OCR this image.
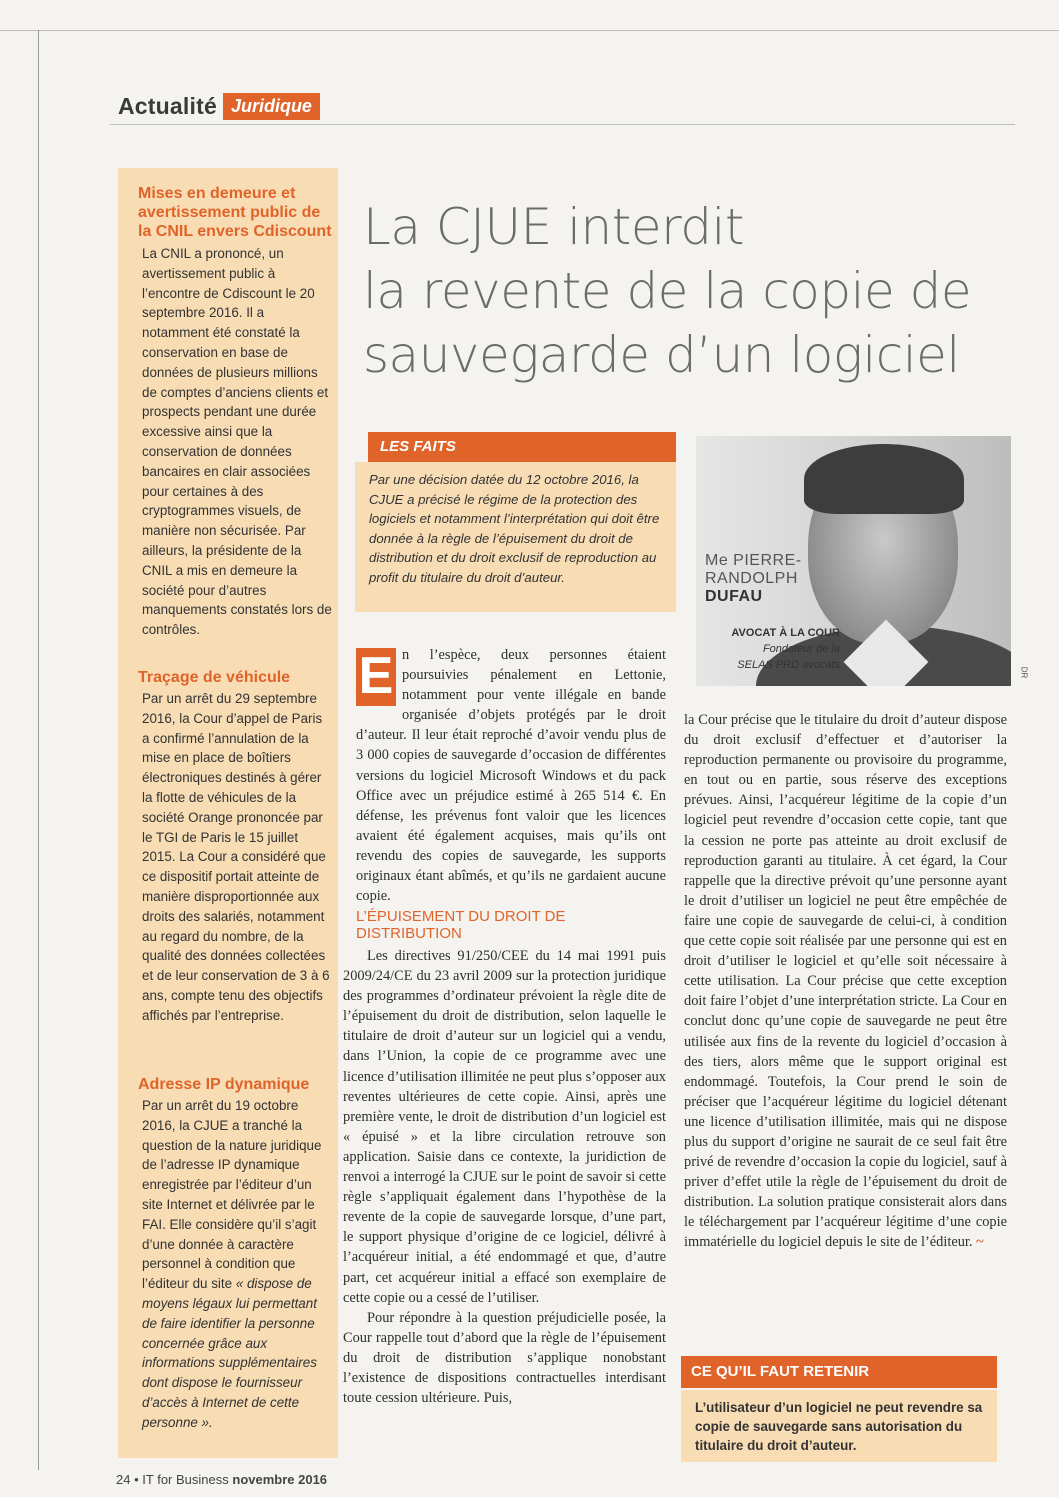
Actualité Juridique

Mises en demeure et avertissement public de la CNIL envers Cdiscount

La CNIL a prononcé, un avertissement public à l’encontre de Cdiscount le 20 septembre 2016. Il a notamment été constaté la conservation en base de données de plusieurs millions de comptes d’anciens clients et prospects pendant une durée excessive ainsi que la conservation de données bancaires en clair associées pour certaines à des cryptogrammes visuels, de manière non sécurisée. Par ailleurs, la présidente de la CNIL a mis en demeure la société pour d’autres manquements constatés lors de contrôles.

Traçage de véhicule

Par un arrêt du 29 septembre 2016, la Cour d’appel de Paris a confirmé l’annulation de la mise en place de boîtiers électroniques destinés à gérer la flotte de véhicules de la société Orange prononcée par le TGI de Paris le 15 juillet 2015. La Cour a considéré que ce dispositif portait atteinte de manière disproportionnée aux droits des salariés, notamment au regard du nombre, de la qualité des données collectées et de leur conservation de 3 à 6 ans, compte tenu des objectifs affichés par l’entreprise.

Adresse IP dynamique

Par un arrêt du 19 octobre 2016, la CJUE a tranché la question de la nature juridique de l’adresse IP dynamique enregistrée par l’éditeur d’un site Internet et délivrée par le FAI. Elle considère qu’il s’agit d’une donnée à caractère personnel à condition que l’éditeur du site « dispose de moyens légaux lui permettant de faire identifier la personne concernée grâce aux informations supplémentaires dont dispose le fournisseur d’accès à Internet de cette personne ».

24 • IT for Business novembre 2016
La CJUE interdit
la revente de la copie de
sauvegarde d’un logiciel
LES FAITS
Par une décision datée du 12 octobre 2016, la CJUE a précisé le régime de la protection des logiciels et notamment l’interprétation qui doit être donnée à la règle de l’épuisement du droit de distribution et du droit exclusif de reproduction au profit du titulaire du droit d’auteur.
Me PIERRE-
RANDOLPH
DUFAU
AVOCAT À LA COUR
Fondateur de la
SELAS PRD avocats
DR
E n l’espèce, deux personnes étaient poursuivies pénalement en Lettonie, notamment pour vente illégale en bande organisée d’objets protégés par le droit d’auteur. Il leur était reproché d’avoir vendu plus de 3 000 copies de sauvegarde d’occasion de différentes versions du logiciel Microsoft Windows et du pack Office avec un préjudice estimé à 265 514 €. En défense, les prévenus font valoir que les licences avaient été également acquises, mais qu’ils ont revendu des copies de sauvegarde, les supports originaux étant abîmés, et qu’ils ne gardaient aucune copie.

L’ÉPUISEMENT DU DROIT DE DISTRIBUTION

Les directives 91/250/CEE du 14 mai 1991 puis 2009/24/CE du 23 avril 2009 sur la protection juridique des programmes d’ordinateur prévoient la règle dite de l’épuisement du droit de distribution, selon laquelle le titulaire de droit d’auteur sur un logiciel qui a vendu, dans l’Union, la copie de ce programme avec une licence d’utilisation illimitée ne peut plus s’opposer aux reventes ultérieures de cette copie. Ainsi, après une première vente, le droit de distribution d’un logiciel est « épuisé » et la libre circulation retrouve son application. Saisie dans ce contexte, la juridiction de renvoi a interrogé la CJUE sur le point de savoir si cette règle s’appliquait également dans l’hypothèse de la revente de la copie de sauvegarde lorsque, d’une part, le support physique d’origine de ce logiciel, délivré à l’acquéreur initial, a été endommagé et que, d’autre part, cet acquéreur initial a effacé son exemplaire de cette copie ou a cessé de l’utiliser.

Pour répondre à la question préjudicielle posée, la Cour rappelle tout d’abord que la règle de l’épuisement du droit de distribution s’applique nonobstant l’existence de dispositions contractuelles interdisant toute cession ultérieure. Puis,

la Cour précise que le titulaire du droit d’auteur dispose du droit exclusif d’effectuer et d’autoriser la reproduction permanente ou provisoire du programme, en tout ou en partie, sous réserve des exceptions prévues. Ainsi, l’acquéreur légitime de la copie d’un logiciel peut revendre d’occasion cette copie, tant que la cession ne porte pas atteinte au droit exclusif de reproduction garanti au titulaire. À cet égard, la Cour rappelle que la directive prévoit qu’une personne ayant le droit d’utiliser un logiciel ne peut être empêchée de faire une copie de sauvegarde de celui-ci, à condition que cette copie soit réalisée par une personne qui est en droit d’utiliser le logiciel et qu’elle soit nécessaire à cette utilisation. La Cour précise que cette exception doit faire l’objet d’une interprétation stricte. La Cour en conclut donc qu’une copie de sauvegarde ne peut être utilisée aux fins de la revente du logiciel d’occasion à des tiers, alors même que le support original est endommagé. Toutefois, la Cour prend le soin de préciser que l’acquéreur légitime du logiciel détenant une licence d’utilisation illimitée, mais qui ne dispose plus du support d’origine ne saurait de ce seul fait être privé de revendre d’occasion la copie du logiciel, sauf à priver d’effet utile la règle de l’épuisement du droit de distribution. La solution pratique consisterait alors dans le téléchargement par l’acquéreur légitime d’une copie immatérielle du logiciel depuis le site de l’éditeur. ~

CE QU’IL FAUT RETENIR
L’utilisateur d’un logiciel ne peut revendre sa copie de sauvegarde sans autorisation du titulaire du droit d’auteur.
